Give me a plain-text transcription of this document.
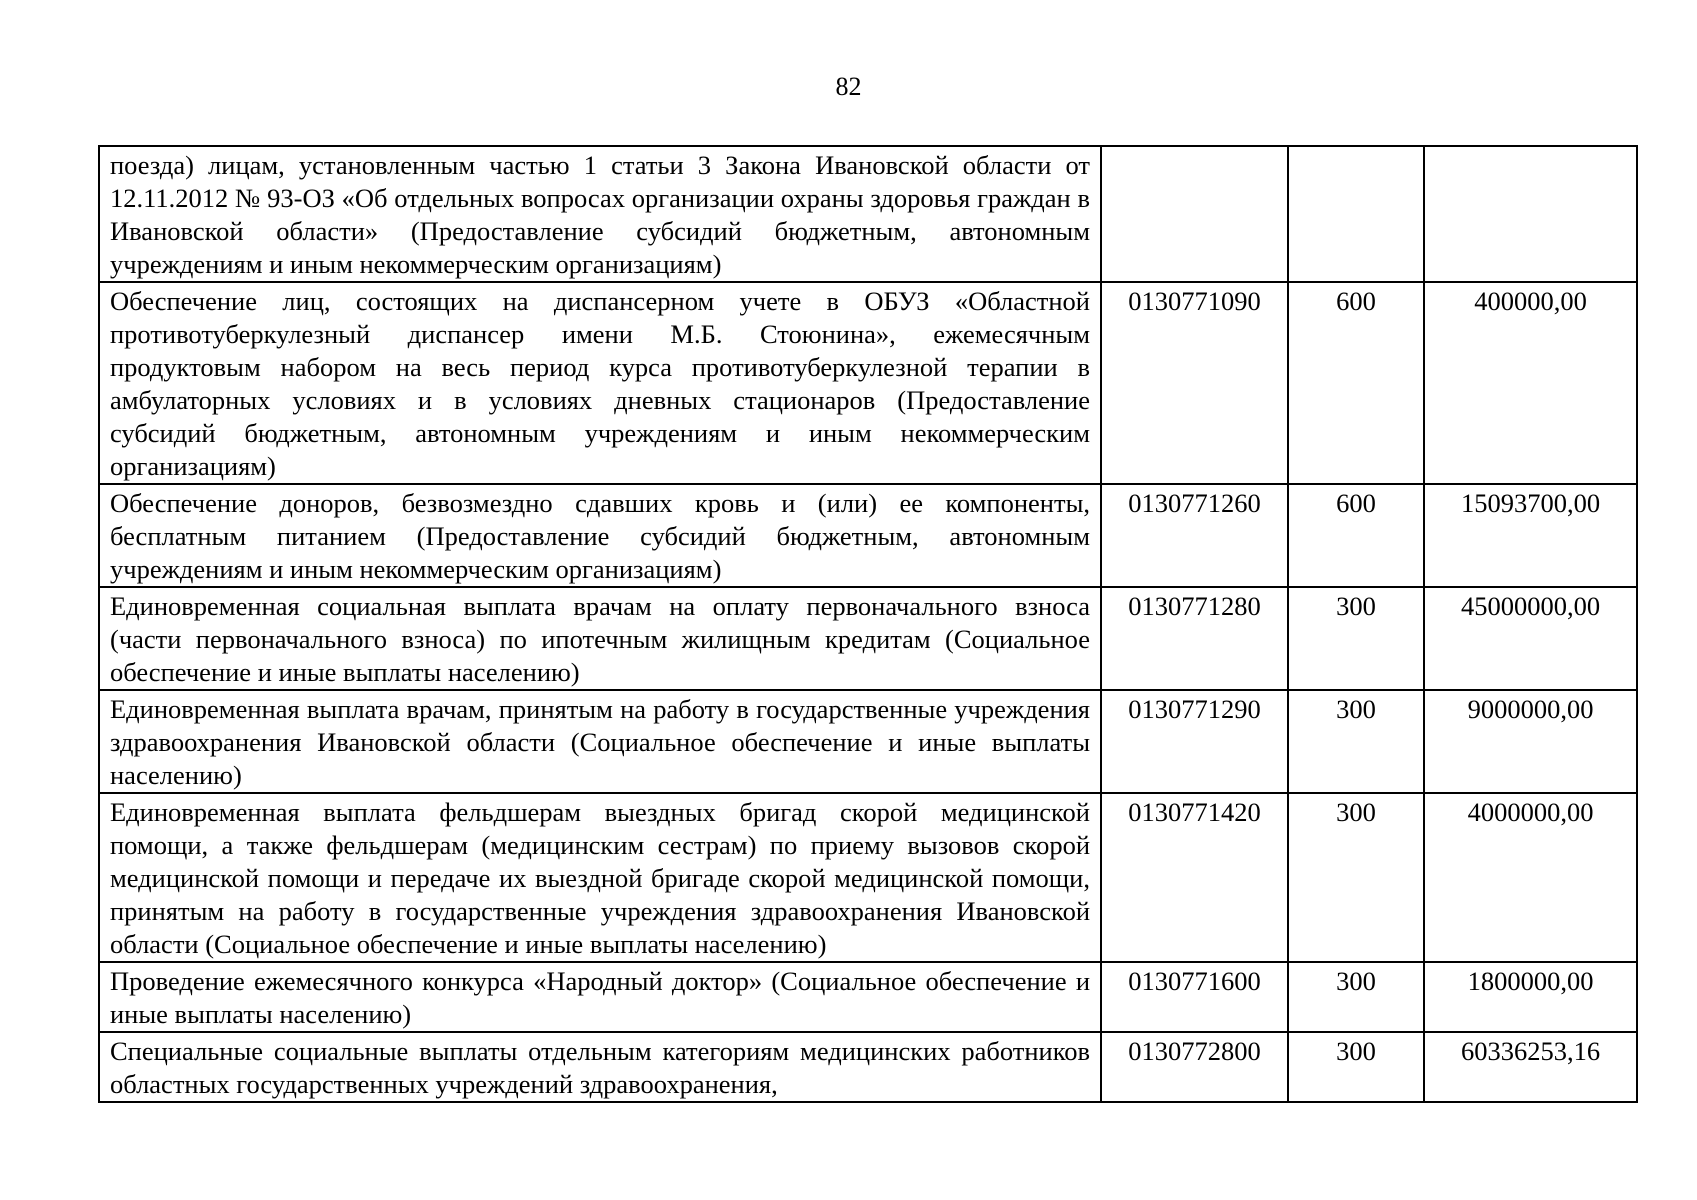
82
поезда) лицам, установленным частью 1 статьи 3 Закона Ивановской области от 12.11.2012 № 93-ОЗ «Об отдельных вопросах организации охраны здоровья граждан в Ивановской области» (Предоставление субсидий бюджетным, автономным учреждениям и иным некоммерческим организациям)			
Обеспечение лиц, состоящих на диспансерном учете в ОБУЗ «Областной противотуберкулезный диспансер имени М.Б. Стоюнина», ежемесячным продуктовым набором на весь период курса противотуберкулезной терапии в амбулаторных условиях и в условиях дневных стационаров (Предоставление субсидий бюджетным, автономным учреждениям и иным некоммерческим организациям)	0130771090	600	400000,00
Обеспечение доноров, безвозмездно сдавших кровь и (или) ее компоненты, бесплатным питанием (Предоставление субсидий бюджетным, автономным учреждениям и иным некоммерческим организациям)	0130771260	600	15093700,00
Единовременная социальная выплата врачам на оплату первоначального взноса (части первоначального взноса) по ипотечным жилищным кредитам (Социальное обеспечение и иные выплаты населению)	0130771280	300	45000000,00
Единовременная выплата врачам, принятым на работу в государственные учреждения здравоохранения Ивановской области (Социальное обеспечение и иные выплаты населению)	0130771290	300	9000000,00
Единовременная выплата фельдшерам выездных бригад скорой медицинской помощи, а также фельдшерам (медицинским сестрам) по приему вызовов скорой медицинской помощи и передаче их выездной бригаде скорой медицинской помощи, принятым на работу в государственные учреждения здравоохранения Ивановской области (Социальное обеспечение и иные выплаты населению)	0130771420	300	4000000,00
Проведение ежемесячного конкурса «Народный доктор» (Социальное обеспечение и иные выплаты населению)	0130771600	300	1800000,00
Специальные социальные выплаты отдельным категориям медицинских работников областных государственных учреждений здравоохранения,	0130772800	300	60336253,16
